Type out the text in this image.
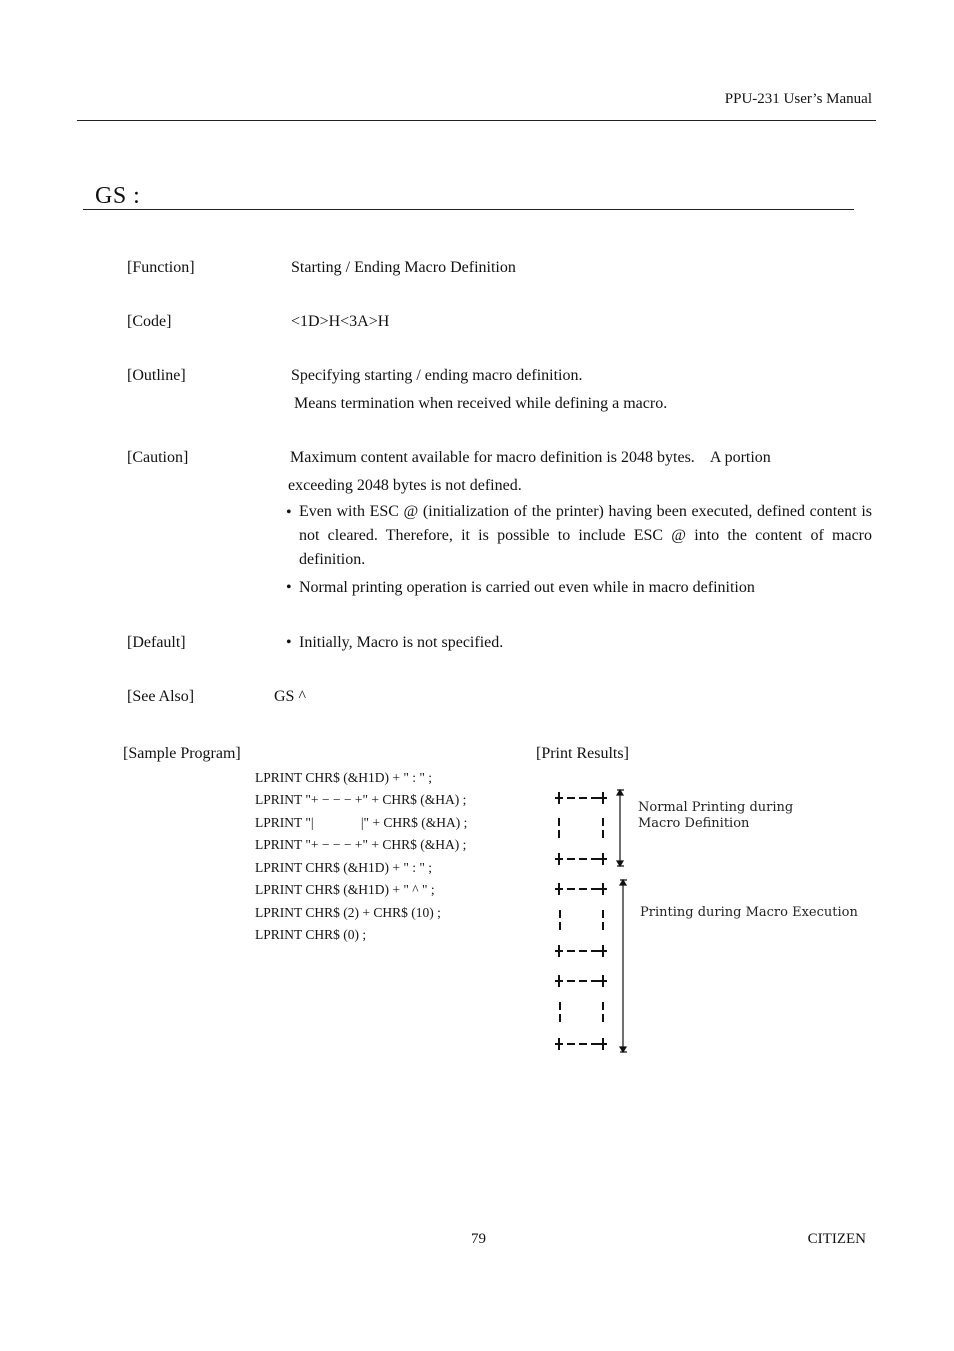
PPU-231 User’s Manual
GS :
[Function]	Starting / Ending Macro Definition
[Code]	<1D>H<3A>H
[Outline]	Specifying starting / ending macro definition.
Means termination when received while defining a macro.
[Caution]	Maximum content available for macro definition is 2048 bytes.    A portion
exceeding 2048 bytes is not defined.
• Even with ESC @ (initialization of the printer) having been executed, defined content is not cleared. Therefore, it is possible to include ESC @ into the content of macro definition.
• Normal printing operation is carried out even while in macro definition
[Default]	• Initially, Macro is not specified.
[See Also]	GS ^
[Sample Program]	[Print Results]
LPRINT CHR$ (&H1D) + " : " ;
LPRINT "+ − − − +" + CHR$ (&HA) ;
LPRINT "|              |" + CHR$ (&HA) ;
LPRINT "+ − − − +" + CHR$ (&HA) ;
LPRINT CHR$ (&H1D) + " : " ;
LPRINT CHR$ (&H1D) + " ^ " ;
LPRINT CHR$ (2) + CHR$ (10) ;
LPRINT CHR$ (0) ;
Normal Printing during
Macro Definition
Printing during Macro Execution
79	CITIZEN
